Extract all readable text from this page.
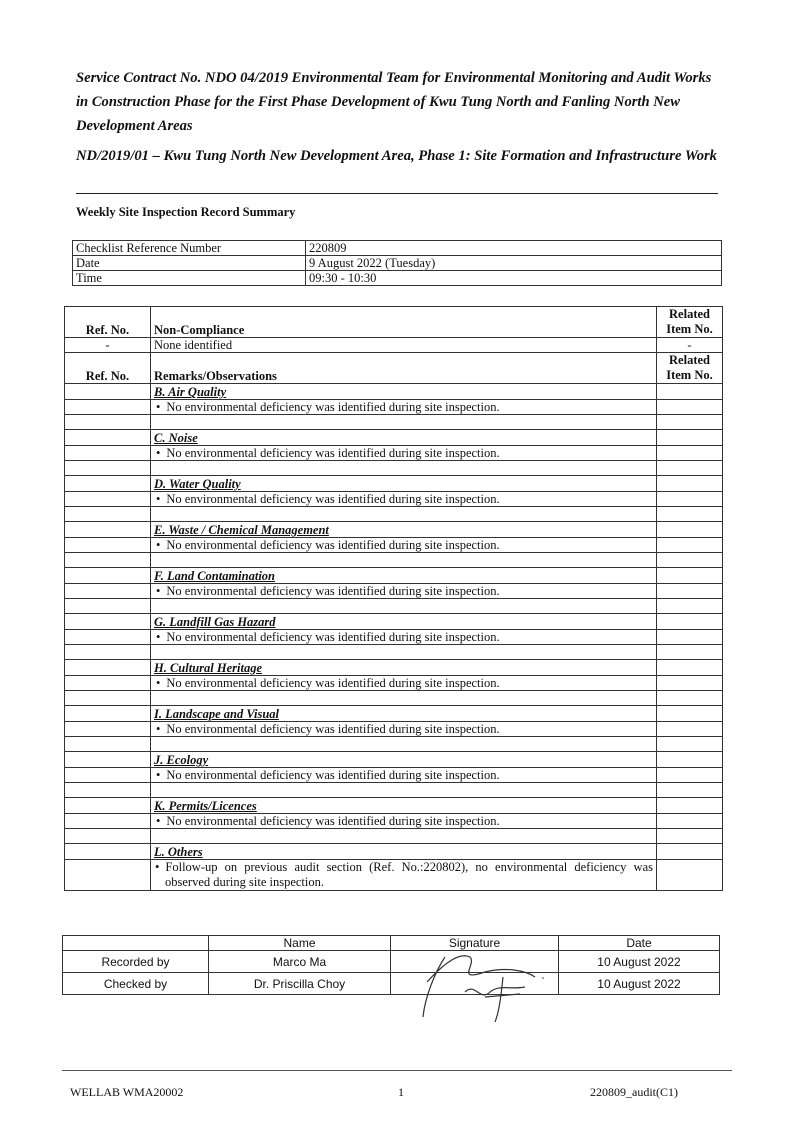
Service Contract No. NDO 04/2019 Environmental Team for Environmental Monitoring and Audit Works in Construction Phase for the First Phase Development of Kwu Tung North and Fanling North New Development Areas

ND/2019/01 – Kwu Tung North New Development Area, Phase 1: Site Formation and Infrastructure Work

Weekly Site Inspection Record Summary
Checklist Reference Number	220809
Date	9 August 2022 (Tuesday)
Time	09:30 - 10:30
Ref. No.	Non-Compliance	Related
Item No.
-	None identified	-
Ref. No.	Remarks/Observations	Related
Item No.
	B. Air Quality	
	• No environmental deficiency was identified during site inspection.	

	C. Noise	
	• No environmental deficiency was identified during site inspection.	

	D. Water Quality	
	• No environmental deficiency was identified during site inspection.	

	E. Waste / Chemical Management	
	• No environmental deficiency was identified during site inspection.	

	F. Land Contamination	
	• No environmental deficiency was identified during site inspection.	

	G. Landfill Gas Hazard	
	• No environmental deficiency was identified during site inspection.	

	H. Cultural Heritage	
	• No environmental deficiency was identified during site inspection.	

	I. Landscape and Visual	
	• No environmental deficiency was identified during site inspection.	

	J. Ecology	
	• No environmental deficiency was identified during site inspection.	

	K. Permits/Licences	
	• No environmental deficiency was identified during site inspection.	

	L. Others	
	• Follow-up on previous audit section (Ref. No.:220802), no environmental deficiency was observed during site inspection.	
	Name	Signature	Date
Recorded by	Marco Ma		10 August 2022
Checked by	Dr. Priscilla Choy		10 August 2022
WELLAB WMA20002	1	220809_audit(C1)
